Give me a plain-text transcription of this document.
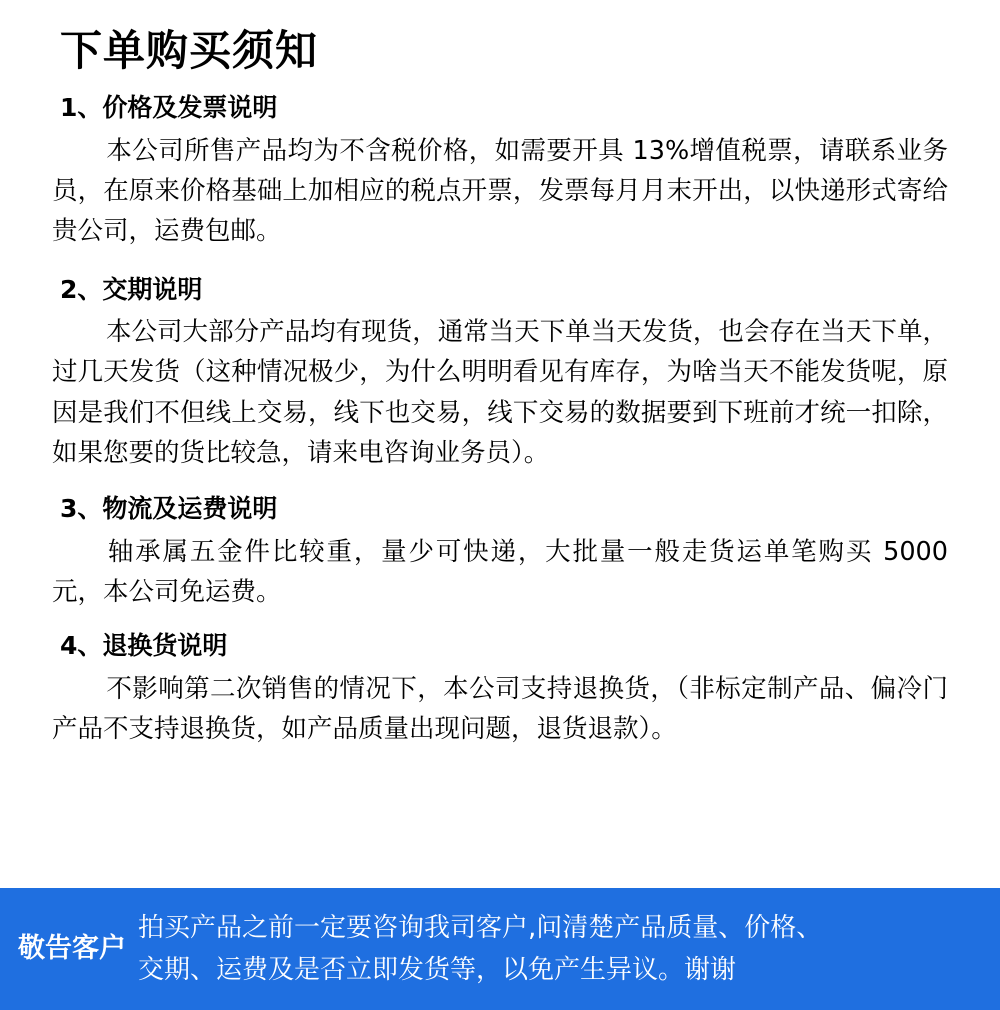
下单购买须知
1、价格及发票说明

本公司所售产品均为不含税价格，如需要开具 13%增值税票，请联系业务员，在原来价格基础上加相应的税点开票，发票每月月末开出，以快递形式寄给贵公司，运费包邮。

2、交期说明

本公司大部分产品均有现货，通常当天下单当天发货，也会存在当天下单，过几天发货（这种情况极少，为什么明明看见有库存，为啥当天不能发货呢，原因是我们不但线上交易，线下也交易，线下交易的数据要到下班前才统一扣除，如果您要的货比较急，请来电咨询业务员）。

3、物流及运费说明

轴承属五金件比较重，量少可快递，大批量一般走货运单笔购买 5000 元，本公司免运费。

4、退换货说明

不影响第二次销售的情况下，本公司支持退换货，（非标定制产品、偏冷门产品不支持退换货，如产品质量出现问题，退货退款）。

敬告客户
拍买产品之前一定要咨询我司客户,问清楚产品质量、价格、
交期、运费及是否立即发货等，以免产生异议。谢谢
